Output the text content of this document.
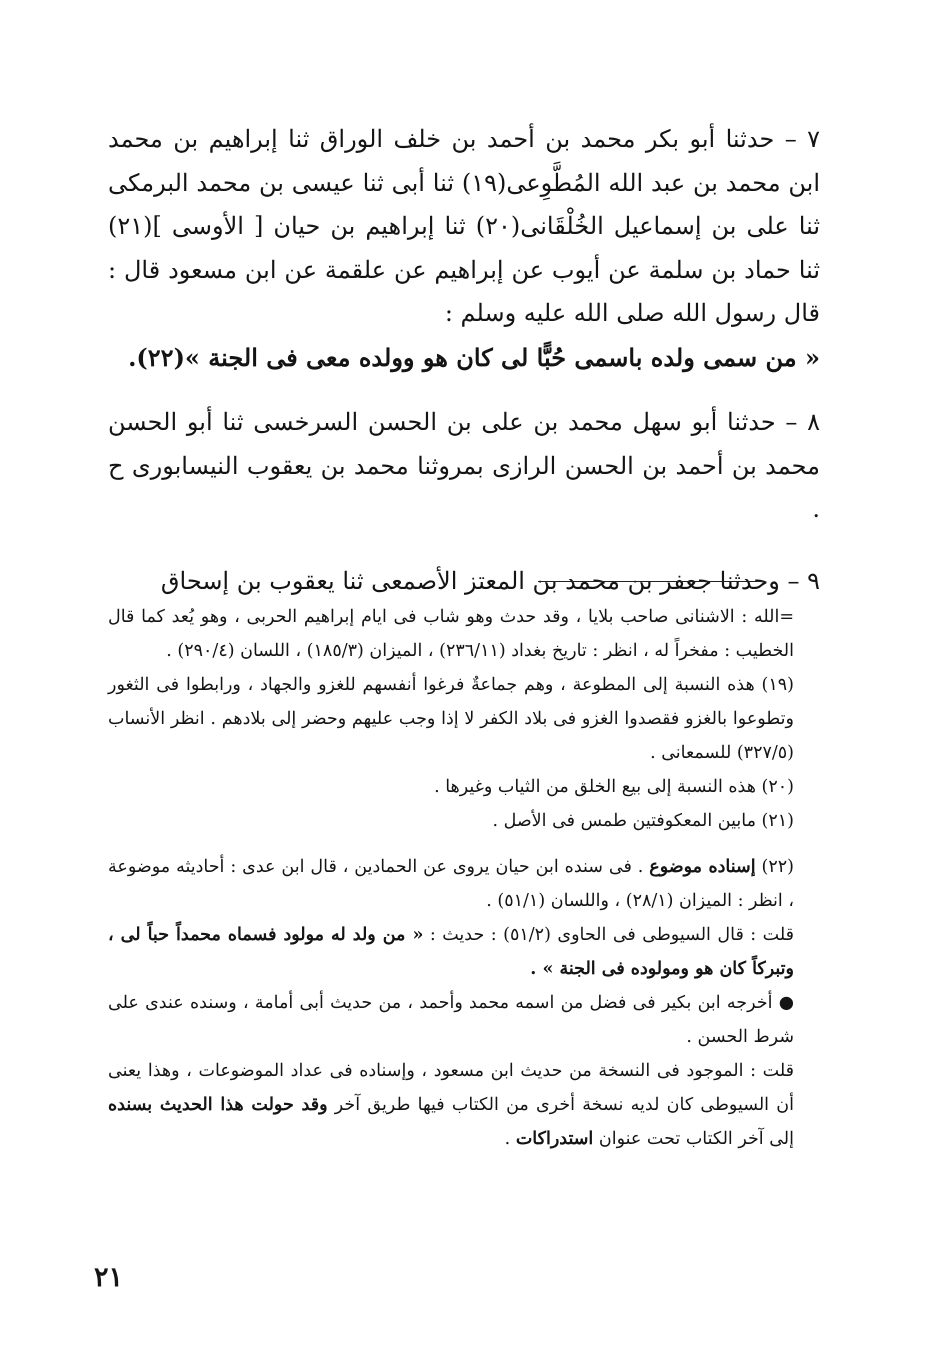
٧ – حدثنا أبو بكر محمد بن أحمد بن خلف الوراق ثنا إبراهيم بن محمد ابن محمد بن عبد الله المُطَّوِعى(١٩) ثنا أبى ثنا عيسى بن محمد البرمكى ثنا على بن إسماعيل الخُلْقَانى(٢٠) ثنا إبراهيم بن حيان [ الأوسى ](٢١) ثنا حماد بن سلمة عن أيوب عن إبراهيم عن علقمة عن ابن مسعود قال : قال رسول الله صلى الله عليه وسلم :

« من سمى ولده باسمى حُبًّا لى كان هو وولده معى فى الجنة »(٢٢).

٨ – حدثنا أبو سهل محمد بن على بن الحسن السرخسى ثنا أبو الحسن محمد بن أحمد بن الحسن الرازى بمروثنا محمد بن يعقوب النيسابورى ح .

٩ – وحدثنا جعفر بن محمد بن المعتز الأصمعى ثنا يعقوب بن إسحاق

=الله : الاشنانى صاحب بلايا ، وقد حدث وهو شاب فى ايام إبراهيم الحربى ، وهو يُعد كما قال الخطيب : مفخراً له ، انظر : تاريخ بغداد (٢٣٦/١١) ، الميزان (١٨٥/٣) ، اللسان (٢٩٠/٤) .

(١٩) هذه النسبة إلى المطوعة ، وهم جماعةٌ فرغوا أنفسهم للغزو والجهاد ، ورابطوا فى الثغور وتطوعوا بالغزو فقصدوا الغزو فى بلاد الكفر لا إذا وجب عليهم وحضر إلى بلادهم . انظر الأنساب (٣٢٧/٥) للسمعانى .

(٢٠) هذه النسبة إلى بيع الخلق من الثياب وغيرها .

(٢١) مابين المعكوفتين طمس فى الأصل .

(٢٢) إسناده موضوع . فى سنده ابن حيان يروى عن الحمادين ، قال ابن عدى : أحاديثه موضوعة ، انظر : الميزان (٢٨/١) ، واللسان (٥١/١) .

قلت : قال السيوطى فى الحاوى (٥١/٢) : حديث : « من ولد له مولود فسماه محمداً حباً لى ، وتبركاً كان هو ومولوده فى الجنة » .

● أخرجه ابن بكير فى فضل من اسمه محمد وأحمد ، من حديث أبى أمامة ، وسنده عندى على شرط الحسن .

قلت : الموجود فى النسخة من حديث ابن مسعود ، وإسناده فى عداد الموضوعات ، وهذا يعنى أن السيوطى كان لديه نسخة أخرى من الكتاب فيها طريق آخر وقد حولت هذا الحديث بسنده إلى آخر الكتاب تحت عنوان استدراكات .

٢١
